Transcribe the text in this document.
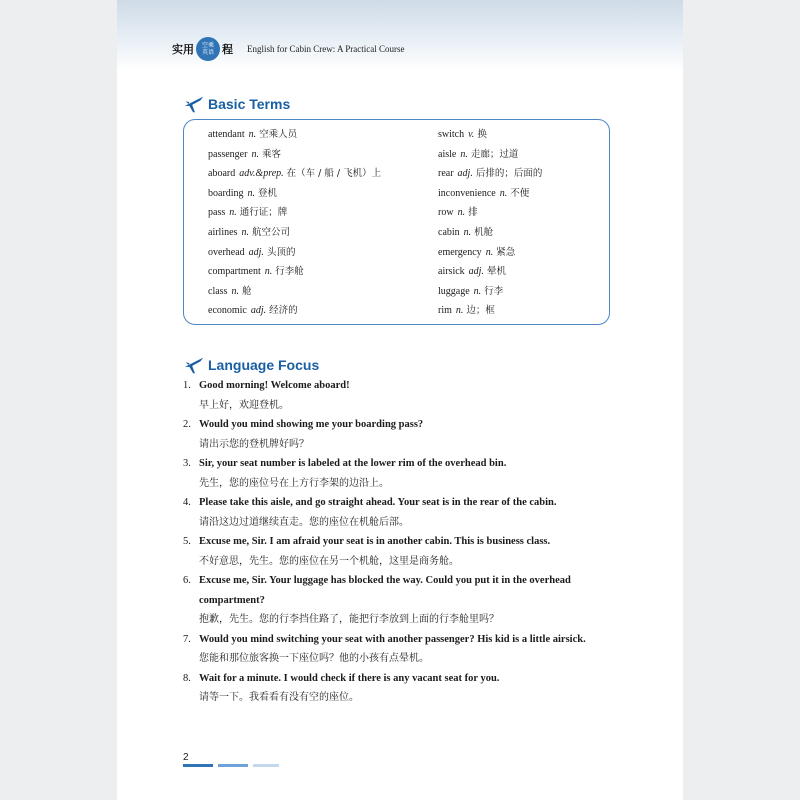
实用 空乘
英语 程 English for Cabin Crew: A Practical Course
Basic Terms
attendant n. 空乘人员
passenger n. 乘客
aboard adv.&prep. 在（车 / 船 / 飞机）上
boarding n. 登机
pass n. 通行证；牌
airlines n. 航空公司
overhead adj. 头顶的
compartment n. 行李舱
class n. 舱
economic adj. 经济的
switch v. 换
aisle n. 走廊；过道
rear adj. 后排的；后面的
inconvenience n. 不便
row n. 排
cabin n. 机舱
emergency n. 紧急
airsick adj. 晕机
luggage n. 行李
rim n. 边；框
Language Focus
1. Good morning! Welcome aboard!
早上好，欢迎登机。
2. Would you mind showing me your boarding pass?
请出示您的登机牌好吗？
3. Sir, your seat number is labeled at the lower rim of the overhead bin.
先生，您的座位号在上方行李架的边沿上。
4. Please take this aisle, and go straight ahead. Your seat is in the rear of the cabin.
请沿这边过道继续直走。您的座位在机舱后部。
5. Excuse me, Sir. I am afraid your seat is in another cabin. This is business class.
不好意思，先生。您的座位在另一个机舱，这里是商务舱。
6. Excuse me, Sir. Your luggage has blocked the way. Could you put it in the overhead compartment?
抱歉，先生。您的行李挡住路了，能把行李放到上面的行李舱里吗？
7. Would you mind switching your seat with another passenger? His kid is a little airsick.
您能和那位旅客换一下座位吗？他的小孩有点晕机。
8. Wait for a minute. I would check if there is any vacant seat for you.
请等一下。我看看有没有空的座位。
2
